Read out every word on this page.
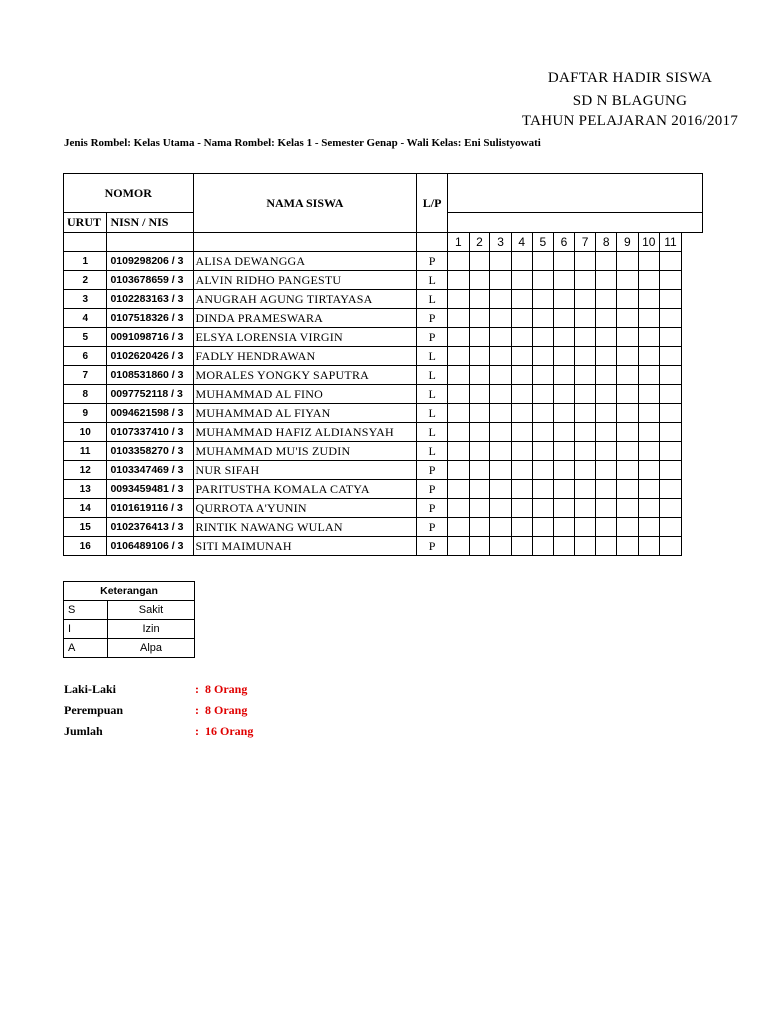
DAFTAR HADIR SISWA
SD N BLAGUNG
TAHUN PELAJARAN 2016/2017
Jenis Rombel: Kelas Utama - Nama Rombel: Kelas 1 - Semester Genap - Wali Kelas: Eni Sulistyowati
NOMOR		NAMA SISWA	L/P											
URUT	NISN / NIS													
				1	2	3	4	5	6	7	8	9	10	11
1	0109298206 / 3	ALISA DEWANGGA	P											
2	0103678659 / 3	ALVIN RIDHO PANGESTU	L											
3	0102283163 / 3	ANUGRAH AGUNG TIRTAYASA	L											
4	0107518326 / 3	DINDA PRAMESWARA	P											
5	0091098716 / 3	ELSYA LORENSIA VIRGIN	P											
6	0102620426 / 3	FADLY HENDRAWAN	L											
7	0108531860 / 3	MORALES YONGKY SAPUTRA	L											
8	0097752118 / 3	MUHAMMAD AL FINO	L											
9	0094621598 / 3	MUHAMMAD AL FIYAN	L											
10	0107337410 / 3	MUHAMMAD HAFIZ ALDIANSYAH	L											
11	0103358270 / 3	MUHAMMAD MU'IS ZUDIN	L											
12	0103347469 / 3	NUR SIFAH	P											
13	0093459481 / 3	PARITUSTHA KOMALA CATYA	P											
14	0101619116 / 3	QURROTA A'YUNIN	P											
15	0102376413 / 3	RINTIK NAWANG WULAN	P											
16	0106489106 / 3	SITI MAIMUNAH	P											
Keterangan	
S	Sakit
I	Izin
A	Alpa
Laki-Laki	: 8 Orang
Perempuan	: 8 Orang
Jumlah	: 16 Orang
